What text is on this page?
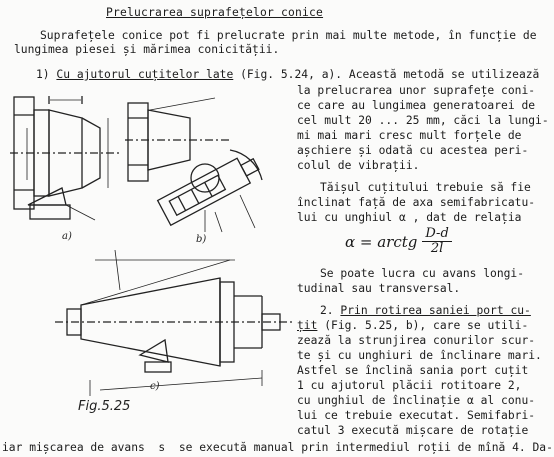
Prelucrarea suprafețelor conice
Suprafețele conice pot fi prelucrate prin mai multe metode, în funcție de
lungimea piesei și mărimea conicității.
1) Cu ajutorul cuțitelor late (Fig. 5.24, a). Această metodă se utilizează
la prelucrarea unor suprafețe coni-
ce care au lungimea generatoarei de
cel mult 20 ... 25 mm, căci la lungi-
mi mai mari cresc mult forțele de
așchiere și odată cu acestea peri-
colul de vibrații.
Tăișul cuțitului trebuie să fie
înclinat față de axa semifabricatu-
lui cu unghiul α , dat de relația
α = arctg $\frac{D-d}{2l}$
Se poate lucra cu avans longi-
tudinal sau transversal.
2. Prin rotirea saniei port cu-
țit (Fig. 5.25, b), care se utili-
zează la strunjirea conurilor scur-
te și cu unghiuri de înclinare mari.
Astfel se înclină sania port cuțit
1 cu ajutorul plăcii rotitoare 2,
cu unghiul de înclinație α al conu-
lui ce trebuie executat. Semifabri-
catul 3 execută mișcare de rotație
iar mișcarea de avans  s  se execută manual prin intermediul roții de mînă 4. Da-
a)	b)
c)
Fig.5.25
